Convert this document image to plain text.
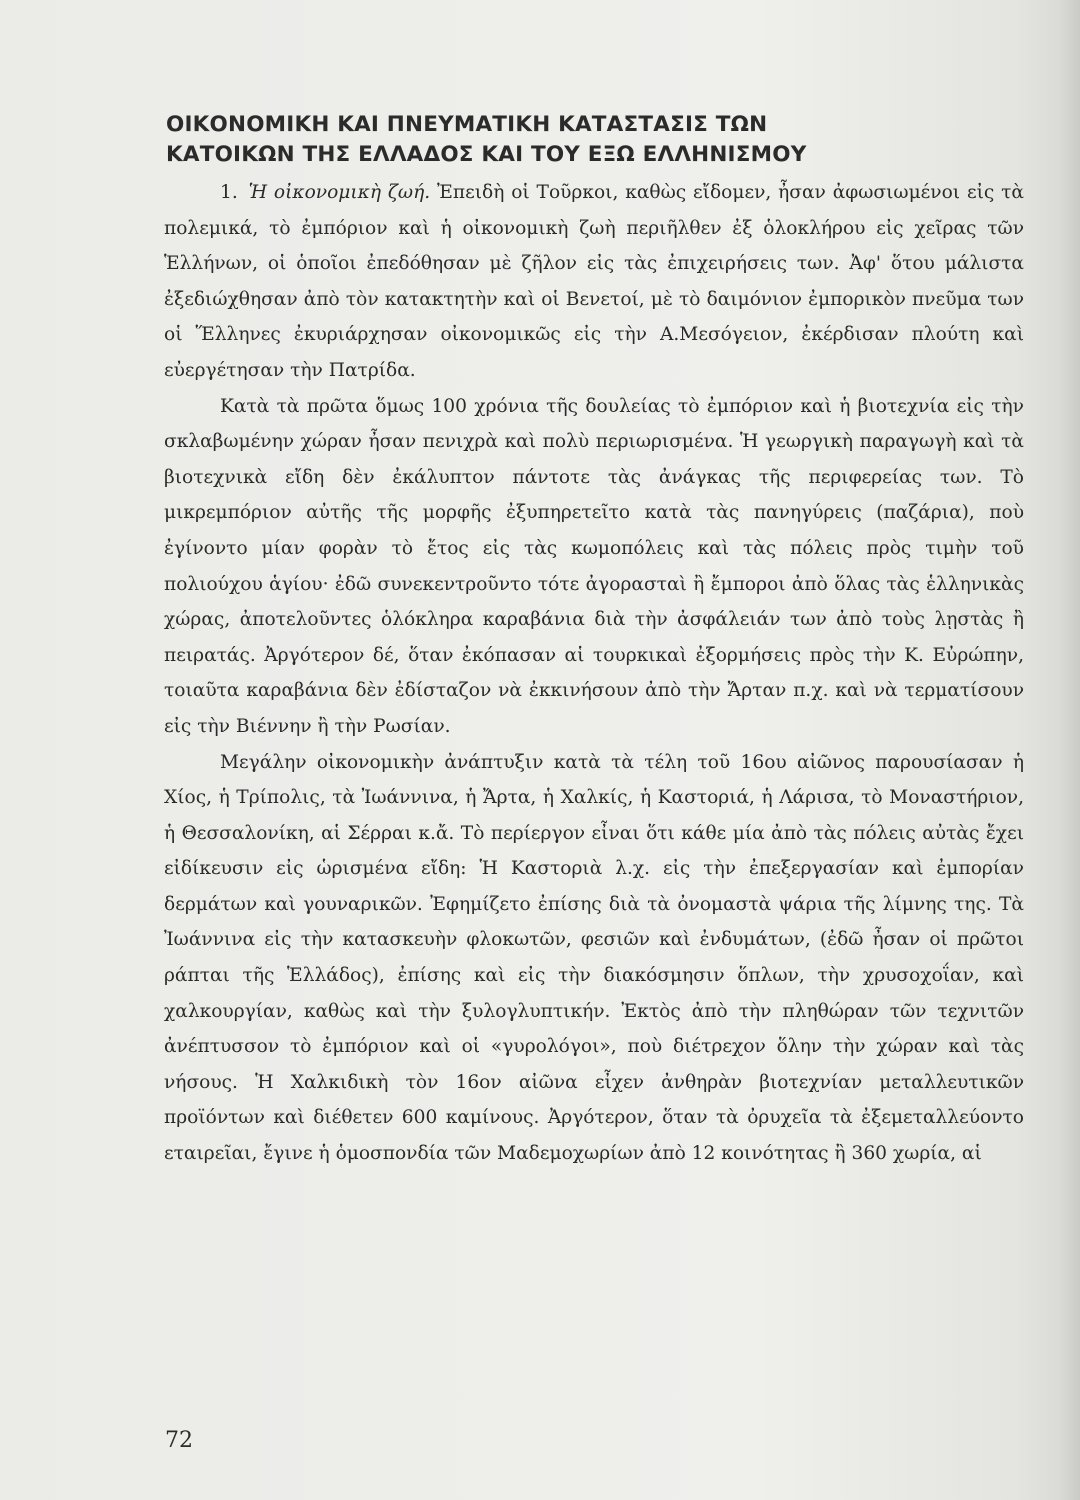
ΟΙΚΟΝΟΜΙΚΗ ΚΑΙ ΠΝΕΥΜΑΤΙΚΗ ΚΑΤΑΣΤΑΣΙΣ ΤΩΝ
ΚΑΤΟΙΚΩΝ ΤΗΣ ΕΛΛΑΔΟΣ ΚΑΙ ΤΟΥ ΕΞΩ ΕΛΛΗΝΙΣΜΟΥ

1. Ἡ οἰκονομικὴ ζωή. Ἐπειδὴ οἱ Τοῦρκοι, καθὼς εἴδομεν, ἦσαν ἀφωσιωμένοι εἰς τὰ πολεμικά, τὸ ἐμπόριον καὶ ἡ οἰκονομικὴ ζωὴ περιῆλθεν ἐξ ὁλοκλήρου εἰς χεῖρας τῶν Ἑλλήνων, οἱ ὁποῖοι ἐπεδόθησαν μὲ ζῆλον εἰς τὰς ἐπιχειρήσεις των. Ἀφ' ὅτου μάλιστα ἐξεδιώχθησαν ἀπὸ τὸν κατακτητὴν καὶ οἱ Βενετοί, μὲ τὸ δαιμόνιον ἐμπορικὸν πνεῦμα των οἱ Ἕλληνες ἐκυριάρχησαν οἰκονομικῶς εἰς τὴν Α.Μεσόγειον, ἐκέρδισαν πλούτη καὶ εὐεργέτησαν τὴν Πατρίδα.

Κατὰ τὰ πρῶτα ὅμως 100 χρόνια τῆς δουλείας τὸ ἐμπόριον καὶ ἡ βιοτεχνία εἰς τὴν σκλαβωμένην χώραν ἦσαν πενιχρὰ καὶ πολὺ περιωρισμένα. Ἡ γεωργικὴ παραγωγὴ καὶ τὰ βιοτεχνικὰ εἴδη δὲν ἐκάλυπτον πάντοτε τὰς ἀνάγκας τῆς περιφερείας των. Τὸ μικρεμπόριον αὐτῆς τῆς μορφῆς ἐξυπηρετεῖτο κατὰ τὰς πανηγύρεις (παζάρια), ποὺ ἐγίνοντο μίαν φορὰν τὸ ἔτος εἰς τὰς κωμοπόλεις καὶ τὰς πόλεις πρὸς τιμὴν τοῦ πολιούχου ἁγίου· ἐδῶ συνεκεντροῦντο τότε ἀγορασταὶ ἢ ἔμποροι ἀπὸ ὅλας τὰς ἑλληνικὰς χώρας, ἀποτελοῦντες ὁλόκληρα καραβάνια διὰ τὴν ἀσφάλειάν των ἀπὸ τοὺς λῃστὰς ἢ πειρατάς. Ἀργότερον δέ, ὅταν ἐκόπασαν αἱ τουρκικαὶ ἐξορμήσεις πρὸς τὴν Κ. Εὐρώπην, τοιαῦτα καραβάνια δὲν ἐδίσταζον νὰ ἐκκινήσουν ἀπὸ τὴν Ἄρταν π.χ. καὶ νὰ τερματίσουν εἰς τὴν Βιέννην ἢ τὴν Ρωσίαν.

Μεγάλην οἰκονομικὴν ἀνάπτυξιν κατὰ τὰ τέλη τοῦ 16ου αἰῶνος παρουσίασαν ἡ Χίος, ἡ Τρίπολις, τὰ Ἰωάννινα, ἡ Ἄρτα, ἡ Χαλκίς, ἡ Καστοριά, ἡ Λάρισα, τὸ Μοναστήριον, ἡ Θεσσαλονίκη, αἱ Σέρραι κ.ἄ. Τὸ περίεργον εἶναι ὅτι κάθε μία ἀπὸ τὰς πόλεις αὐτὰς ἔχει εἰδίκευσιν εἰς ὡρισμένα εἴδη: Ἡ Καστοριὰ λ.χ. εἰς τὴν ἐπεξεργασίαν καὶ ἐμπορίαν δερμάτων καὶ γουναρικῶν. Ἐφημίζετο ἐπίσης διὰ τὰ ὀνομαστὰ ψάρια τῆς λίμνης της. Τὰ Ἰωάννινα εἰς τὴν κατασκευὴν φλοκωτῶν, φεσιῶν καὶ ἐνδυμάτων, (ἐδῶ ἦσαν οἱ πρῶτοι ράπται τῆς Ἑλλάδος), ἐπίσης καὶ εἰς τὴν διακόσμησιν ὅπλων, τὴν χρυσοχοΐαν, καὶ χαλκουργίαν, καθὼς καὶ τὴν ξυλογλυπτικήν. Ἐκτὸς ἀπὸ τὴν πληθώραν τῶν τεχνιτῶν ἀνέπτυσσον τὸ ἐμπόριον καὶ οἱ «γυρολόγοι», ποὺ διέτρεχον ὅλην τὴν χώραν καὶ τὰς νήσους. Ἡ Χαλκιδικὴ τὸν 16ον αἰῶνα εἶχεν ἀνθηρὰν βιοτεχνίαν μεταλλευτικῶν προϊόντων καὶ διέθετεν 600 καμίνους. Ἀργότερον, ὅταν τὰ ὀρυχεῖα τὰ ἐξεμεταλλεύοντο εταιρεῖαι, ἔγινε ἡ ὁμοσπονδία τῶν Μαδεμοχωρίων ἀπὸ 12 κοινότητας ἢ 360 χωρία, αἱ

72
